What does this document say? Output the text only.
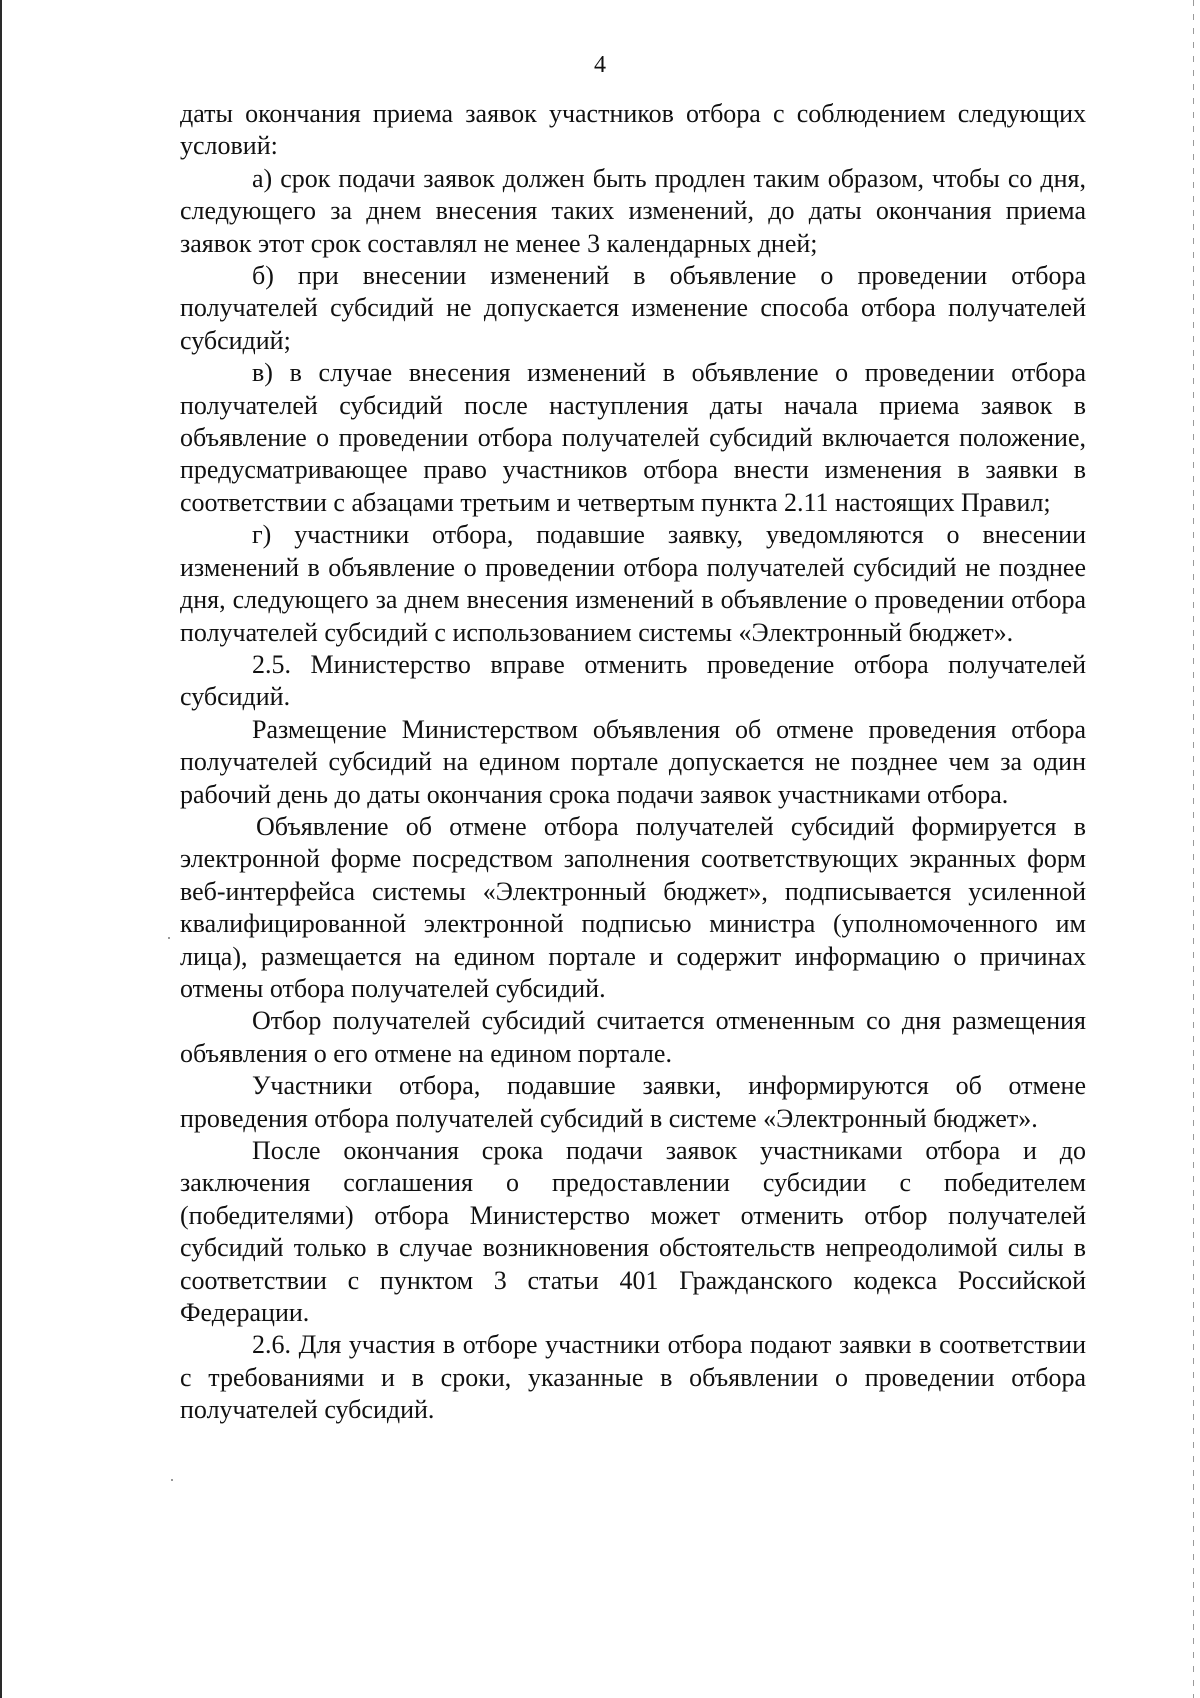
4

даты окончания приема заявок участников отбора с соблюдением следующих условий:

а) срок подачи заявок должен быть продлен таким образом, чтобы со дня, следующего за днем внесения таких изменений, до даты окончания приема заявок этот срок составлял не менее 3 календарных дней;

б) при внесении изменений в объявление о проведении отбора получателей субсидий не допускается изменение способа отбора получателей субсидий;

в) в случае внесения изменений в объявление о проведении отбора получателей субсидий после наступления даты начала приема заявок в объявление о проведении отбора получателей субсидий включается положение, предусматривающее право участников отбора внести изменения в заявки в соответствии с абзацами третьим и четвертым пункта 2.11 настоящих Правил;

г) участники отбора, подавшие заявку, уведомляются о внесении изменений в объявление о проведении отбора получателей субсидий не позднее дня, следующего за днем внесения изменений в объявление о проведении отбора получателей субсидий с использованием системы «Электронный бюджет».

2.5. Министерство вправе отменить проведение отбора получателей субсидий.

Размещение Министерством объявления об отмене проведения отбора получателей субсидий на едином портале допускается не позднее чем за один рабочий день до даты окончания срока подачи заявок участниками отбора.

Объявление об отмене отбора получателей субсидий формируется в электронной форме посредством заполнения соответствующих экранных форм веб-интерфейса системы «Электронный бюджет», подписывается усиленной квалифицированной электронной подписью министра (уполномоченного им лица), размещается на едином портале и содержит информацию о причинах отмены отбора получателей субсидий.

Отбор получателей субсидий считается отмененным со дня размещения объявления о его отмене на едином портале.

Участники отбора, подавшие заявки, информируются об отмене проведения отбора получателей субсидий в системе «Электронный бюджет».

После окончания срока подачи заявок участниками отбора и до заключения соглашения о предоставлении субсидии с победителем (победителями) отбора Министерство может отменить отбор получателей субсидий только в случае возникновения обстоятельств непреодолимой силы в соответствии с пунктом 3 статьи 401 Гражданского кодекса Российской Федерации.

2.6. Для участия в отборе участники отбора подают заявки в соответствии с требованиями и в сроки, указанные в объявлении о проведении отбора получателей субсидий.
